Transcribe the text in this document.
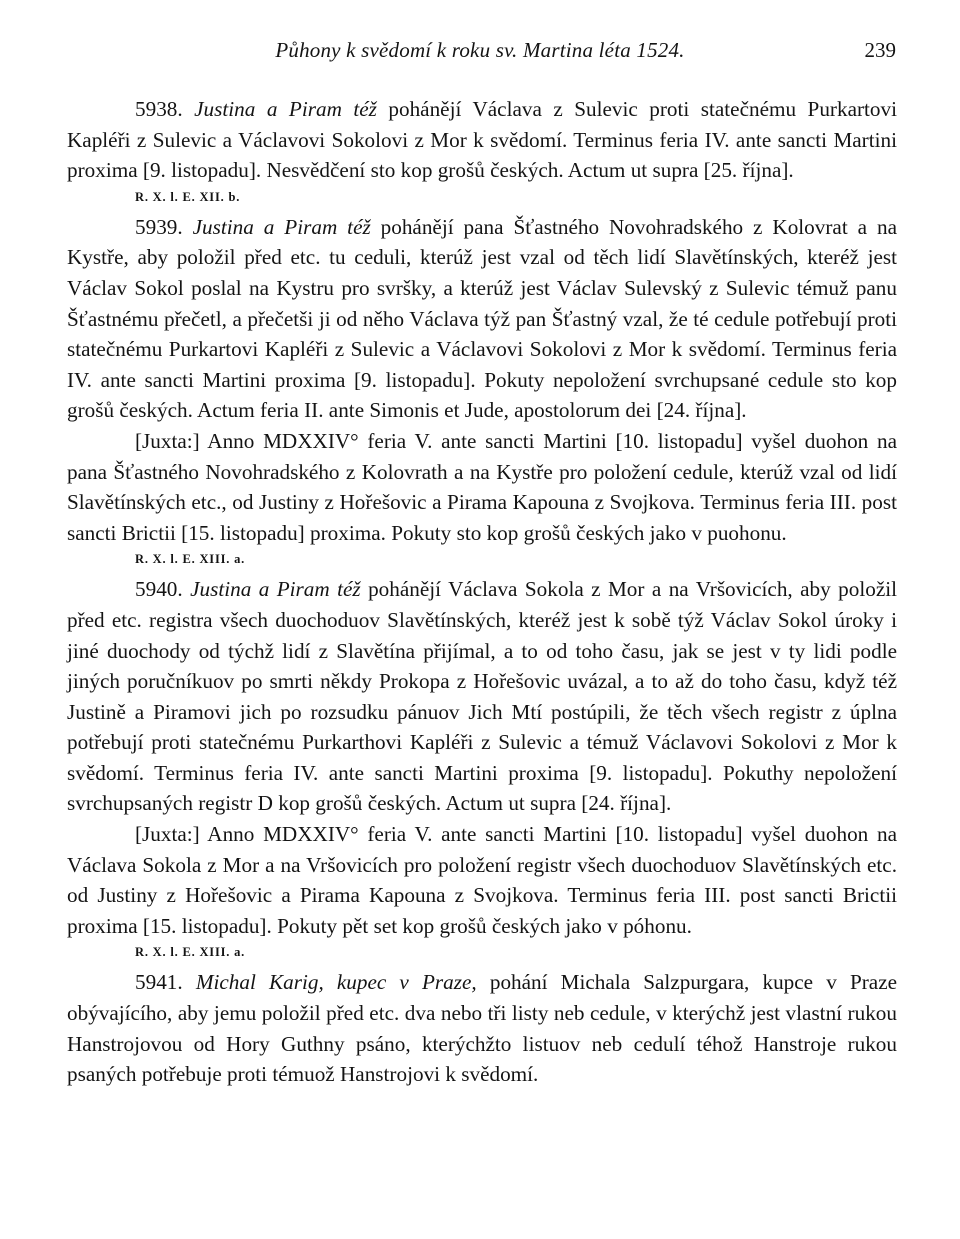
Půhony k svědomí k roku sv. Martina léta 1524.	239

5938. Justina a Piram též pohánějí Václava z Sulevic proti statečnému Purkartovi Kapléři z Sulevic a Václavovi Sokolovi z Mor k svědomí. Terminus feria IV. ante sancti Martini proxima [9. listopadu]. Nesvědčení sto kop grošů českých. Actum ut supra [25. října].

R. X. l. E. XII. b.

5939. Justina a Piram též pohánějí pana Šťastného Novohradského z Kolovrat a na Kystře, aby položil před etc. tu ceduli, kterúž jest vzal od těch lidí Slavětínských, kteréž jest Václav Sokol poslal na Kystru pro svršky, a kterúž jest Václav Sulevský z Sulevic témuž panu Šťastnému přečetl, a přečetši ji od něho Václava týž pan Šťastný vzal, že té cedule potřebují proti statečnému Purkartovi Kapléři z Sulevic a Václavovi Sokolovi z Mor k svědomí. Terminus feria IV. ante sancti Martini proxima [9. listopadu]. Pokuty nepoložení svrchupsané cedule sto kop grošů českých. Actum feria II. ante Simonis et Jude, apostolorum dei [24. října].

[Juxta:] Anno MDXXIV° feria V. ante sancti Martini [10. listopadu] vyšel duohon na pana Šťastného Novohradského z Kolovrath a na Kystře pro položení cedule, kterúž vzal od lidí Slavětínských etc., od Justiny z Hořešovic a Pirama Kapouna z Svojkova. Terminus feria III. post sancti Brictii [15. listopadu] proxima. Pokuty sto kop grošů českých jako v puohonu.

R. X. l. E. XIII. a.

5940. Justina a Piram též pohánějí Václava Sokola z Mor a na Vršovicích, aby položil před etc. registra všech duochoduov Slavětínských, kteréž jest k sobě týž Václav Sokol úroky i jiné duochody od týchž lidí z Slavětína přijímal, a to od toho času, jak se jest v ty lidi podle jiných poručníkuov po smrti někdy Prokopa z Hořešovic uvázal, a to až do toho času, když též Justině a Piramovi jich po rozsudku pánuov Jich Mtí postúpili, že těch všech registr z úplna potřebují proti statečnému Purkarthovi Kapléři z Sulevic a témuž Václavovi Sokolovi z Mor k svědomí. Terminus feria IV. ante sancti Martini proxima [9. listopadu]. Pokuthy nepoložení svrchupsaných registr D kop grošů českých. Actum ut supra [24. října].

[Juxta:] Anno MDXXIV° feria V. ante sancti Martini [10. listopadu] vyšel duohon na Václava Sokola z Mor a na Vršovicích pro položení registr všech duochoduov Slavětínských etc. od Justiny z Hořešovic a Pirama Kapouna z Svojkova. Terminus feria III. post sancti Brictii proxima [15. listopadu]. Pokuty pět set kop grošů českých jako v póhonu.

R. X. l. E. XIII. a.

5941. Michal Karig, kupec v Praze, pohání Michala Salzpurgara, kupce v Praze obývajícího, aby jemu položil před etc. dva nebo tři listy neb cedule, v kterýchž jest vlastní rukou Hanstrojovou od Hory Guthny psáno, kterýchžto listuov neb cedulí téhož Hanstroje rukou psaných potřebuje proti témuož Hanstrojovi k svědomí.
